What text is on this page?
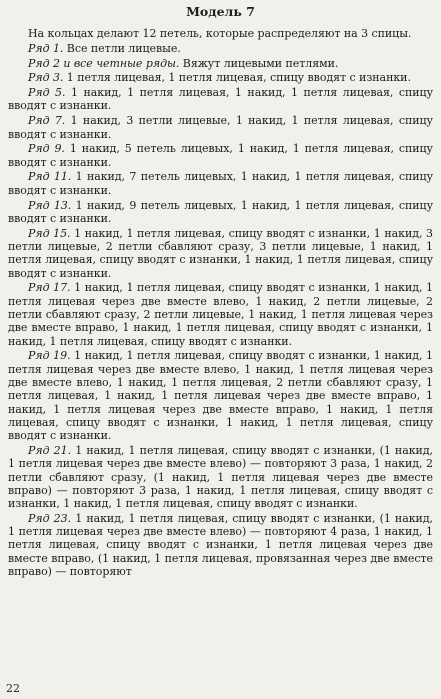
Модель 7

На кольцах делают 12 петель, которые распределяют на 3 спицы.

Ряд 1. Все петли лицевые.

Ряд 2 и все четные ряды. Вяжут лицевыми петлями.

Ряд 3. 1 петля лицевая, 1 петля лицевая, спицу вводят с изнанки.

Ряд 5. 1 накид, 1 петля лицевая, 1 накид, 1 петля лицевая, спицу вводят с изнанки.

Ряд 7. 1 накид, 3 петли лицевые, 1 накид, 1 петля лицевая, спицу вводят с изнанки.

Ряд 9. 1 накид, 5 петель лицевых, 1 накид, 1 петля лицевая, спицу вводят с изнанки.

Ряд 11. 1 накид, 7 петель лицевых, 1 накид, 1 петля лицевая, спицу вводят с изнанки.

Ряд 13. 1 накид, 9 петель лицевых, 1 накид, 1 петля лицевая, спицу вводят с изнанки.

Ряд 15. 1 накид, 1 петля лицевая, спицу вводят с изнанки, 1 накид, 3 петли лицевые, 2 петли сбавляют сразу, 3 петли лицевые, 1 накид, 1 петля лицевая, спицу вводят с изнанки, 1 накид, 1 петля лицевая, спицу вводят с изнанки.

Ряд 17. 1 накид, 1 петля лицевая, спицу вводят с изнанки, 1 накид, 1 петля лицевая через две вместе влево, 1 накид, 2 петли лицевые, 2 петли сбавляют сразу, 2 петли лицевые, 1 накид, 1 петля лицевая через две вместе вправо, 1 накид, 1 петля лицевая, спицу вводят с изнанки, 1 накид, 1 петля лицевая, спицу вводят с изнанки.

Ряд 19. 1 накид, 1 петля лицевая, спицу вводят с изнанки, 1 накид, 1 петля лицевая через две вместе влево, 1 накид, 1 петля лицевая через две вместе влево, 1 накид, 1 петля лицевая, 2 петли сбавляют сразу, 1 петля лицевая, 1 накид, 1 петля лицевая через две вместе вправо, 1 накид, 1 петля лицевая через две вместе вправо, 1 накид, 1 петля лицевая, спицу вводят с изнанки, 1 накид, 1 петля лицевая, спицу вводят с изнанки.

Ряд 21. 1 накид, 1 петля лицевая, спицу вводят с изнанки, (1 накид, 1 петля лицевая через две вместе влево) — повторяют 3 раза, 1 накид, 2 петли сбавляют сразу, (1 накид, 1 петля лицевая через две вместе вправо) — повторяют 3 раза, 1 накид, 1 петля лицевая, спицу вводят с изнанки, 1 накид, 1 петля лицевая, спицу вводят с изнанки.

Ряд 23. 1 накид, 1 петля лицевая, спицу вводят с изнанки, (1 накид, 1 петля лицевая через две вместе влево) — повторяют 4 раза, 1 накид, 1 петля лицевая, спицу вводят с изнанки, 1 петля лицевая через две вместе вправо, (1 накид, 1 петля лицевая, провязанная через две вместе вправо) — повторяют

22
